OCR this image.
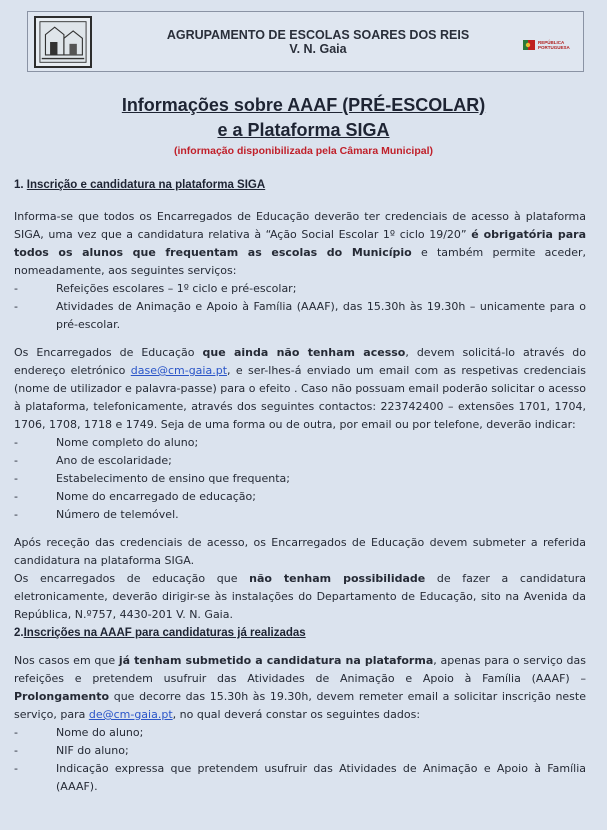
AGRUPAMENTO DE ESCOLAS SOARES DOS REIS
V. N. Gaia	REPÚBLICA PORTUGUESA
Informações sobre AAAF (PRÉ-ESCOLAR)
e a Plataforma SIGA
(informação disponibilizada pela Câmara Municipal)

1. Inscrição e candidatura na plataforma SIGA

Informa-se que todos os Encarregados de Educação deverão ter credenciais de acesso à plataforma SIGA, uma vez que a candidatura relativa à “Ação Social Escolar 1º ciclo 19/20” é obrigatória para todos os alunos que frequentam as escolas do Município e também permite aceder, nomeadamente, aos seguintes serviços:

-	Refeições escolares – 1º ciclo e pré-escolar;

-	Atividades de Animação e Apoio à Família (AAAF), das 15.30h às 19.30h – unicamente para o pré-escolar.

Os Encarregados de Educação que ainda não tenham acesso, devem solicitá-lo através do endereço eletrónico dase@cm-gaia.pt, e ser-lhes-á enviado um email com as respetivas credenciais (nome de utilizador e palavra-passe) para o efeito . Caso não possuam email poderão solicitar o acesso à plataforma, telefonicamente, através dos seguintes contactos: 223742400 – extensões 1701, 1704, 1706, 1708, 1718 e 1749. Seja de uma forma ou de outra, por email ou por telefone, deverão indicar:

-	Nome completo do aluno;

-	Ano de escolaridade;

-	Estabelecimento de ensino que frequenta;

-	Nome do encarregado de educação;

-	Número de telemóvel.

Após receção das credenciais de acesso, os Encarregados de Educação devem submeter a referida candidatura na plataforma SIGA.

Os encarregados de educação que não tenham possibilidade de fazer a candidatura eletronicamente, deverão dirigir-se às instalações do Departamento de Educação, sito na Avenida da República, N.º757, 4430-201 V. N. Gaia.

2.Inscrições na AAAF para candidaturas já realizadas

Nos casos em que já tenham submetido a candidatura na plataforma, apenas para o serviço das refeições e pretendem usufruir das Atividades de Animação e Apoio à Família (AAAF) – Prolongamento que decorre das 15.30h às 19.30h, devem remeter email a solicitar inscrição neste serviço, para de@cm-gaia.pt, no qual deverá constar os seguintes dados:

-	Nome do aluno;

-	NIF do aluno;

-	Indicação expressa que pretendem usufruir das Atividades de Animação e Apoio à Família (AAAF).
